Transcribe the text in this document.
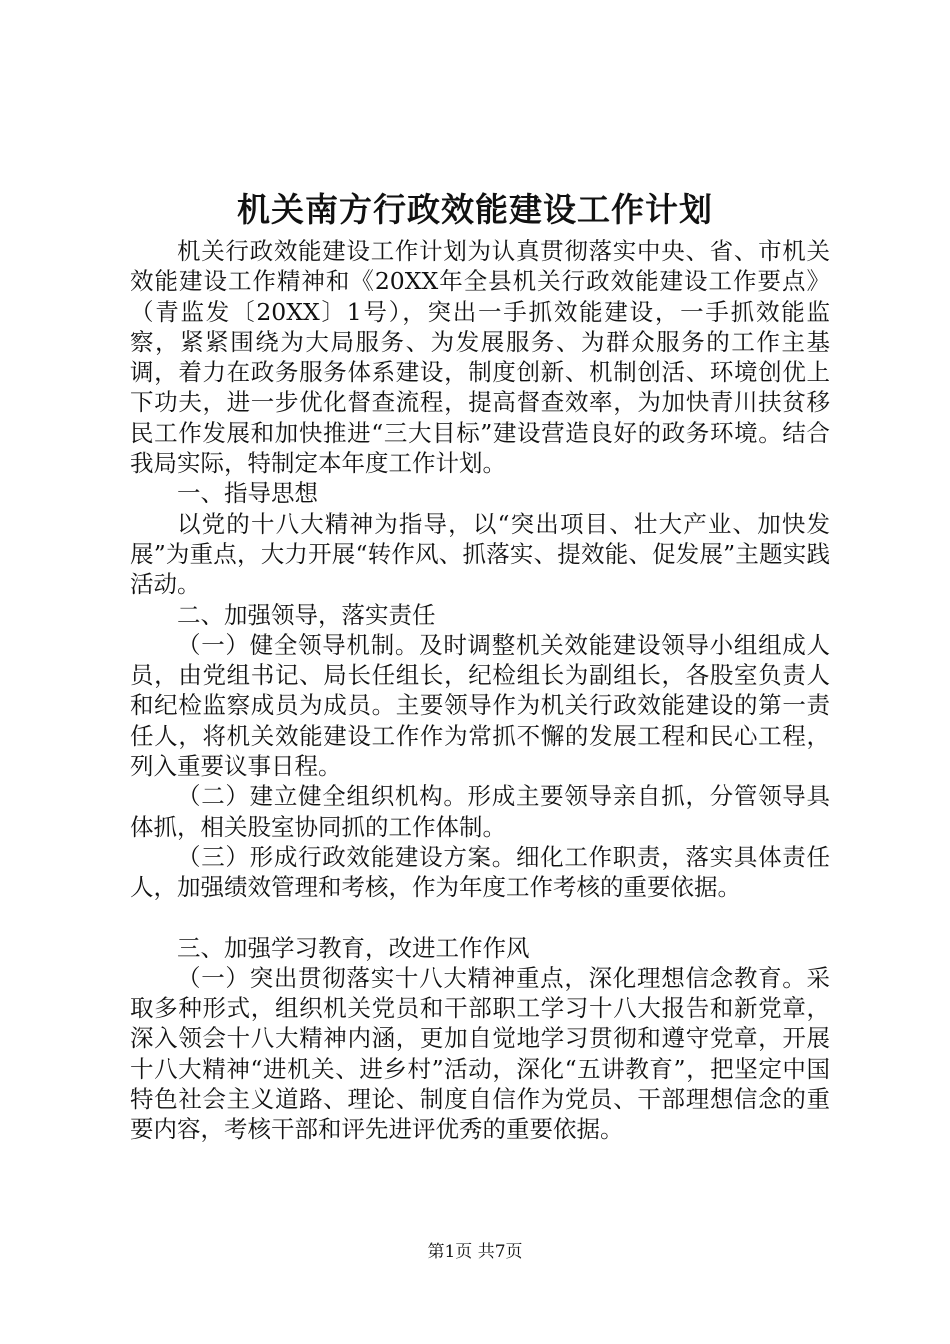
机关南方行政效能建设工作计划

机关行政效能建设工作计划为认真贯彻落实中央、省、市机关效能建设工作精神和《20XX年全县机关行政效能建设工作要点》（青监发〔20XX〕1号），突出一手抓效能建设，一手抓效能监察，紧紧围绕为大局服务、为发展服务、为群众服务的工作主基调，着力在政务服务体系建设，制度创新、机制创活、环境创优上下功夫，进一步优化督查流程，提高督查效率，为加快青川扶贫移民工作发展和加快推进“三大目标”建设营造良好的政务环境。结合我局实际，特制定本年度工作计划。

一、指导思想

以党的十八大精神为指导，以“突出项目、壮大产业、加快发展”为重点，大力开展“转作风、抓落实、提效能、促发展”主题实践活动。

二、加强领导，落实责任

（一）健全领导机制。及时调整机关效能建设领导小组组成人员，由党组书记、局长任组长，纪检组长为副组长，各股室负责人和纪检监察成员为成员。主要领导作为机关行政效能建设的第一责任人，将机关效能建设工作作为常抓不懈的发展工程和民心工程，列入重要议事日程。

（二）建立健全组织机构。形成主要领导亲自抓，分管领导具体抓，相关股室协同抓的工作体制。

（三）形成行政效能建设方案。细化工作职责，落实具体责任人，加强绩效管理和考核，作为年度工作考核的重要依据。

三、加强学习教育，改进工作作风

（一）突出贯彻落实十八大精神重点，深化理想信念教育。采取多种形式，组织机关党员和干部职工学习十八大报告和新党章，深入领会十八大精神内涵，更加自觉地学习贯彻和遵守党章，开展十八大精神“进机关、进乡村”活动，深化“五讲教育”，把坚定中国特色社会主义道路、理论、制度自信作为党员、干部理想信念的重要内容，考核干部和评先进评优秀的重要依据。

第1页 共7页
